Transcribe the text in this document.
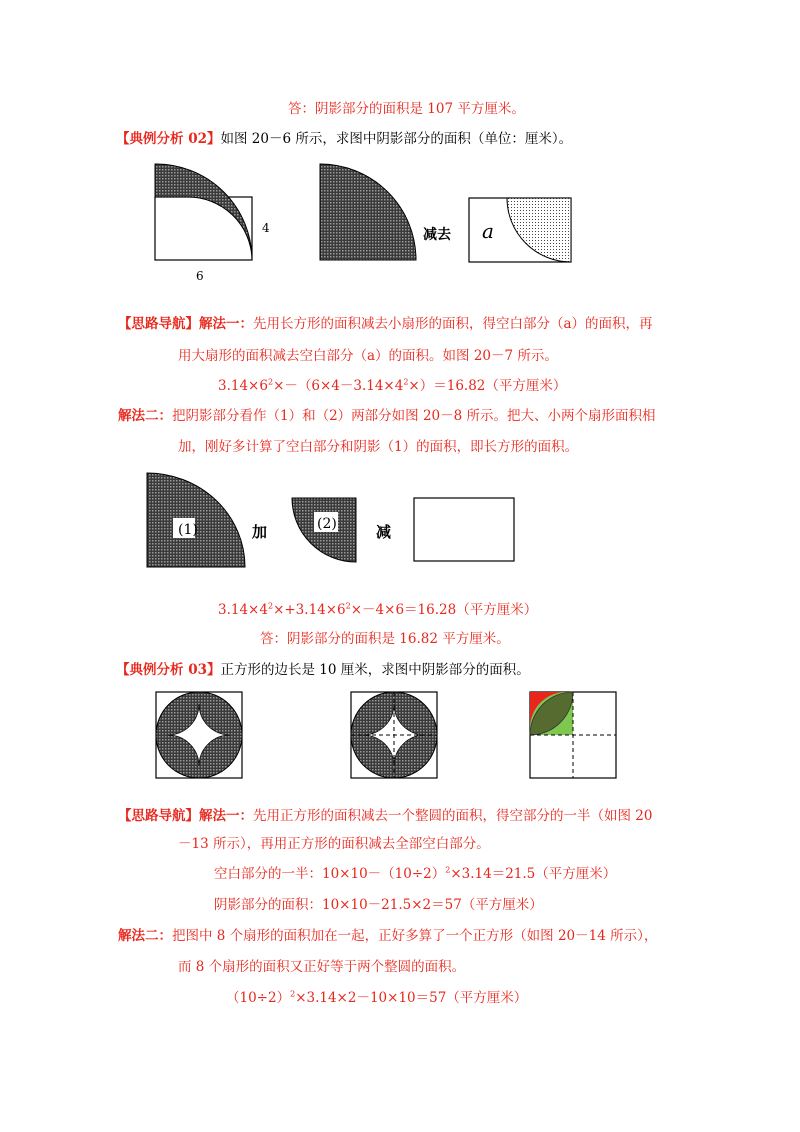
答：阴影部分的面积是 107 平方厘米。
【典例分析 02】如图 20－6 所示，求图中阴影部分的面积（单位：厘米）。
4
6
减去 a
【思路导航】解法一：先用长方形的面积减去小扇形的面积，得空白部分（a）的面积，再
用大扇形的面积减去空白部分（a）的面积。如图 20－7 所示。
$3.14\times 6^2\times-(6\times 4-3.14\times 4^2\times)=16.82$（平方厘米）
解法二：把阴影部分看作（1）和（2）两部分如图 20－8 所示。把大、小两个扇形面积相
加，刚好多计算了空白部分和阴影（1）的面积，即长方形的面积。
(1)	加	(2)	减
$3.14\times 4^2\times+3.14\times 6^2\times-4\times 6=16.28$（平方厘米）
答：阴影部分的面积是 16.82 平方厘米。
【典例分析 03】正方形的边长是 10 厘米，求图中阴影部分的面积。
【思路导航】解法一：先用正方形的面积减去一个整圆的面积，得空部分的一半（如图 20
－13 所示），再用正方形的面积减去全部空白部分。
空白部分的一半：$10\times 10-(10\div 2)^2\times 3.14=21.5$（平方厘米）
阴影部分的面积：10×10－21.5×2＝57（平方厘米）
解法二：把图中 8 个扇形的面积加在一起，正好多算了一个正方形（如图 20－14 所示），
而 8 个扇形的面积又正好等于两个整圆的面积。
$(10\div 2)^2\times 3.14\times 2-10\times 10=57$（平方厘米）
